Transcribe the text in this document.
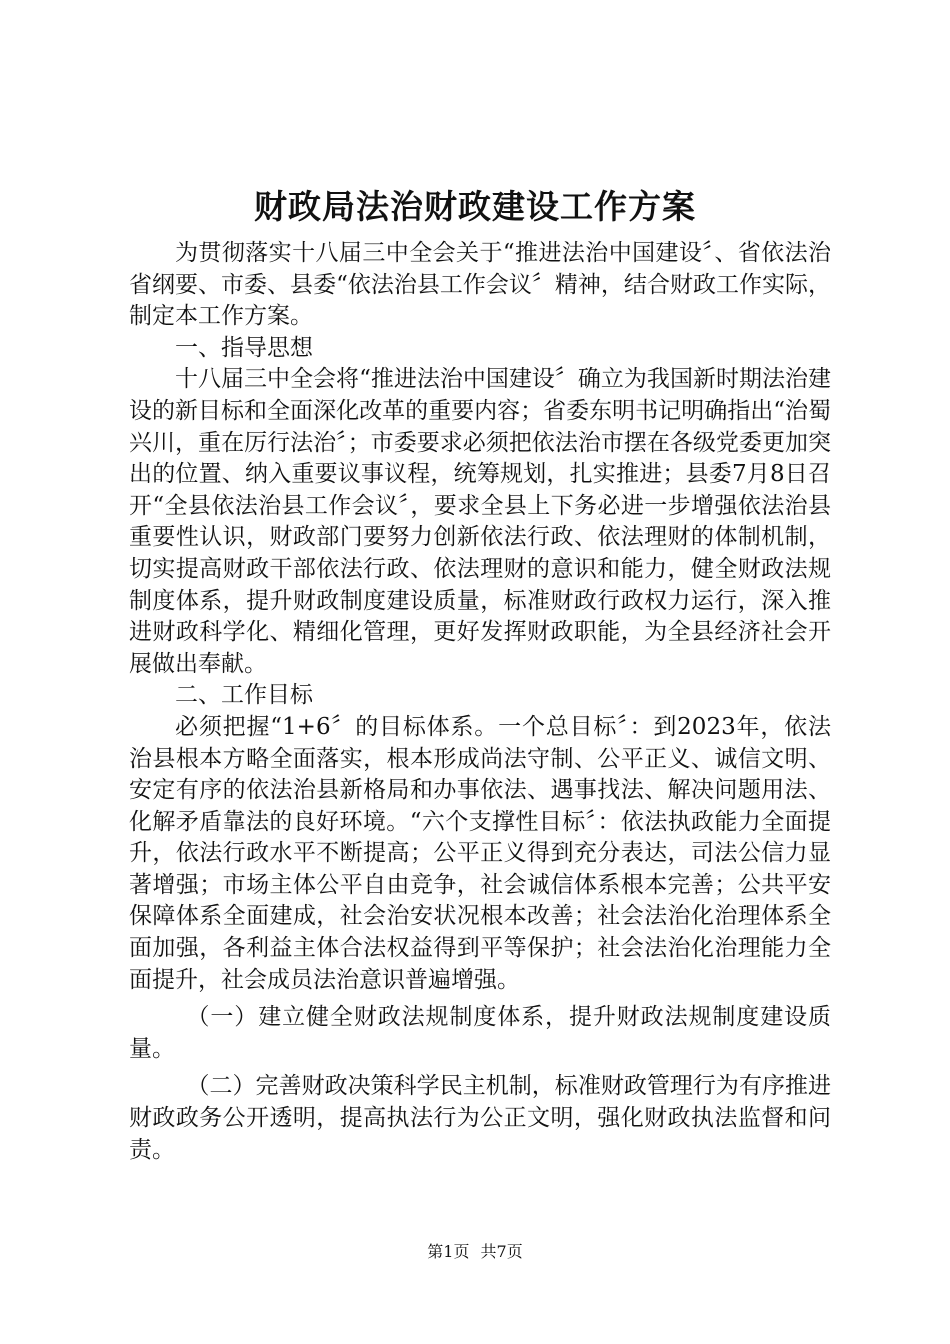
财政局法治财政建设工作方案

为贯彻落实十八届三中全会关于“推进法治中国建设〞、省依法治省纲要、市委、县委“依法治县工作会议〞精神，结合财政工作实际，制定本工作方案。

一、指导思想

十八届三中全会将“推进法治中国建设〞确立为我国新时期法治建设的新目标和全面深化改革的重要内容；省委东明书记明确指出“治蜀兴川，重在厉行法治〞；市委要求必须把依法治市摆在各级党委更加突出的位置、纳入重要议事议程，统筹规划，扎实推进；县委7月8日召开“全县依法治县工作会议〞，要求全县上下务必进一步增强依法治县重要性认识，财政部门要努力创新依法行政、依法理财的体制机制，切实提高财政干部依法行政、依法理财的意识和能力，健全财政法规制度体系，提升财政制度建设质量，标准财政行政权力运行，深入推进财政科学化、精细化管理，更好发挥财政职能，为全县经济社会开展做出奉献。

二、工作目标

必须把握“1+6〞的目标体系。一个总目标〞：到2023年，依法治县根本方略全面落实，根本形成尚法守制、公平正义、诚信文明、安定有序的依法治县新格局和办事依法、遇事找法、解决问题用法、化解矛盾靠法的良好环境。“六个支撑性目标〞：依法执政能力全面提升，依法行政水平不断提高；公平正义得到充分表达，司法公信力显著增强；市场主体公平自由竞争，社会诚信体系根本完善；公共平安保障体系全面建成，社会治安状况根本改善；社会法治化治理体系全面加强，各利益主体合法权益得到平等保护；社会法治化治理能力全面提升，社会成员法治意识普遍增强。

（一）建立健全财政法规制度体系，提升财政法规制度建设质量。

（二）完善财政决策科学民主机制，标准财政管理行为有序推进财政政务公开透明，提高执法行为公正文明，强化财政执法监督和问责。

第1页 共7页
